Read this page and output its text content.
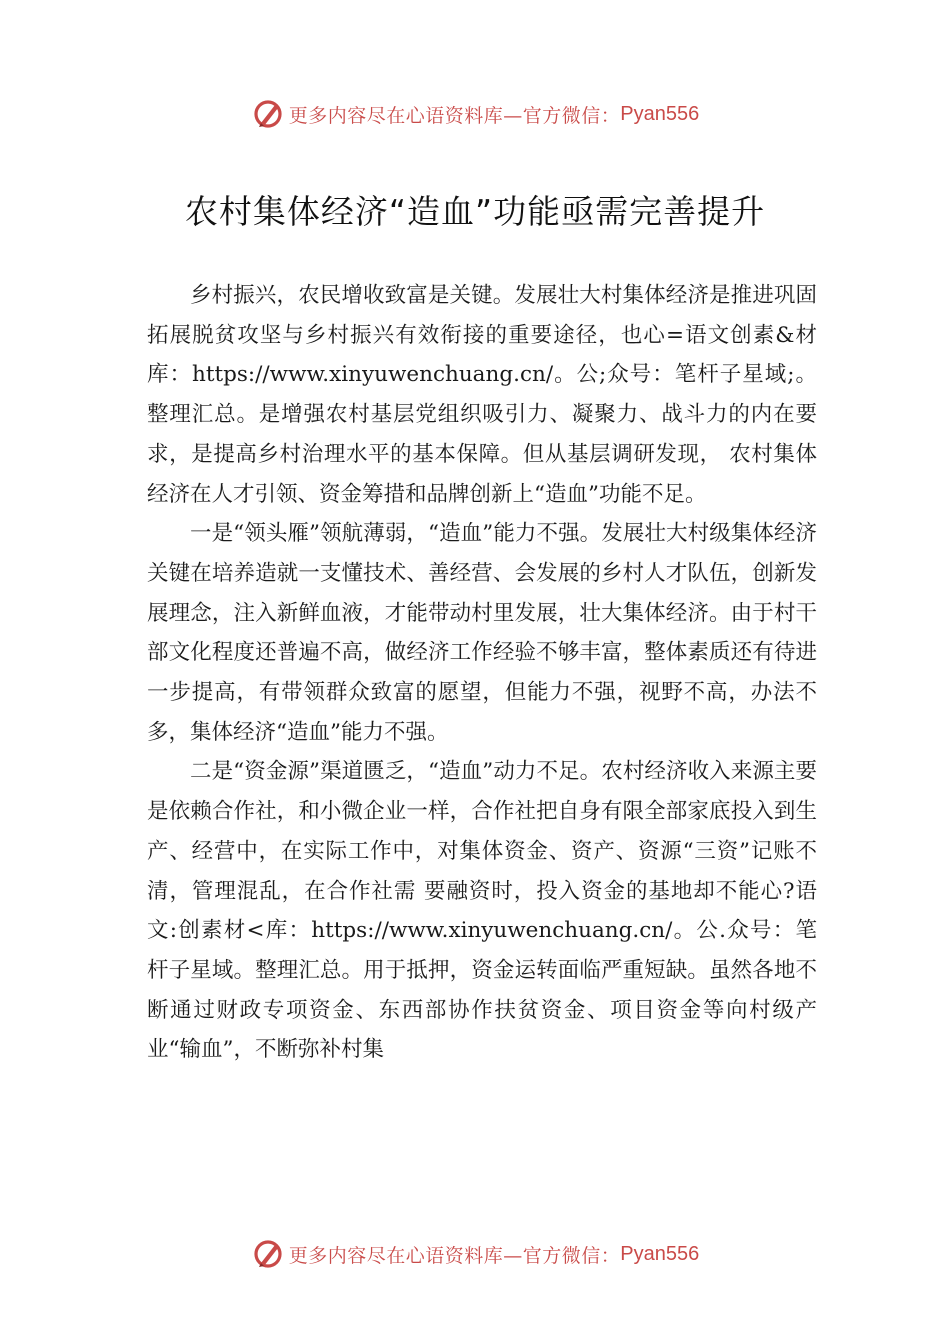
更多内容尽在心语资料库—官方微信： Pyan556
农村集体经济“造血”功能亟需完善提升

乡村振兴，农民增收致富是关键。发展壮大村集体经济是推进巩固拓展脱贫攻坚与乡村振兴有效衔接的重要途径，也心=语文创素&材库：https://www.xinyuwenchuang.cn/。公;众号：笔杆子星域;。整理汇总。是增强农村基层党组织吸引力、凝聚力、战斗力的内在要求，是提高乡村治理水平的基本保障。但从基层调研发现， 农村集体经济在人才引领、资金筹措和品牌创新上“造血”功能不足。

一是“领头雁”领航薄弱，“造血”能力不强。发展壮大村级集体经济关键在培养造就一支懂技术、善经营、会发展的乡村人才队伍，创新发展理念，注入新鲜血液，才能带动村里发展，壮大集体经济。由于村干部文化程度还普遍不高，做经济工作经验不够丰富，整体素质还有待进一步提高，有带领群众致富的愿望，但能力不强，视野不高，办法不多，集体经济“造血”能力不强。

二是“资金源”渠道匮乏，“造血”动力不足。农村经济收入来源主要是依赖合作社，和小微企业一样，合作社把自身有限全部家底投入到生产、经营中，在实际工作中，对集体资金、资产、资源“三资”记账不清，管理混乱，在合作社需 要融资时，投入资金的基地却不能心?语文:创素材<库：https://www.xinyuwenchuang.cn/。公.众号：笔杆子星域。整理汇总。用于抵押，资金运转面临严重短缺。虽然各地不断通过财政专项资金、东西部协作扶贫资金、项目资金等向村级产业“输血”，不断弥补村集

更多内容尽在心语资料库—官方微信： Pyan556
